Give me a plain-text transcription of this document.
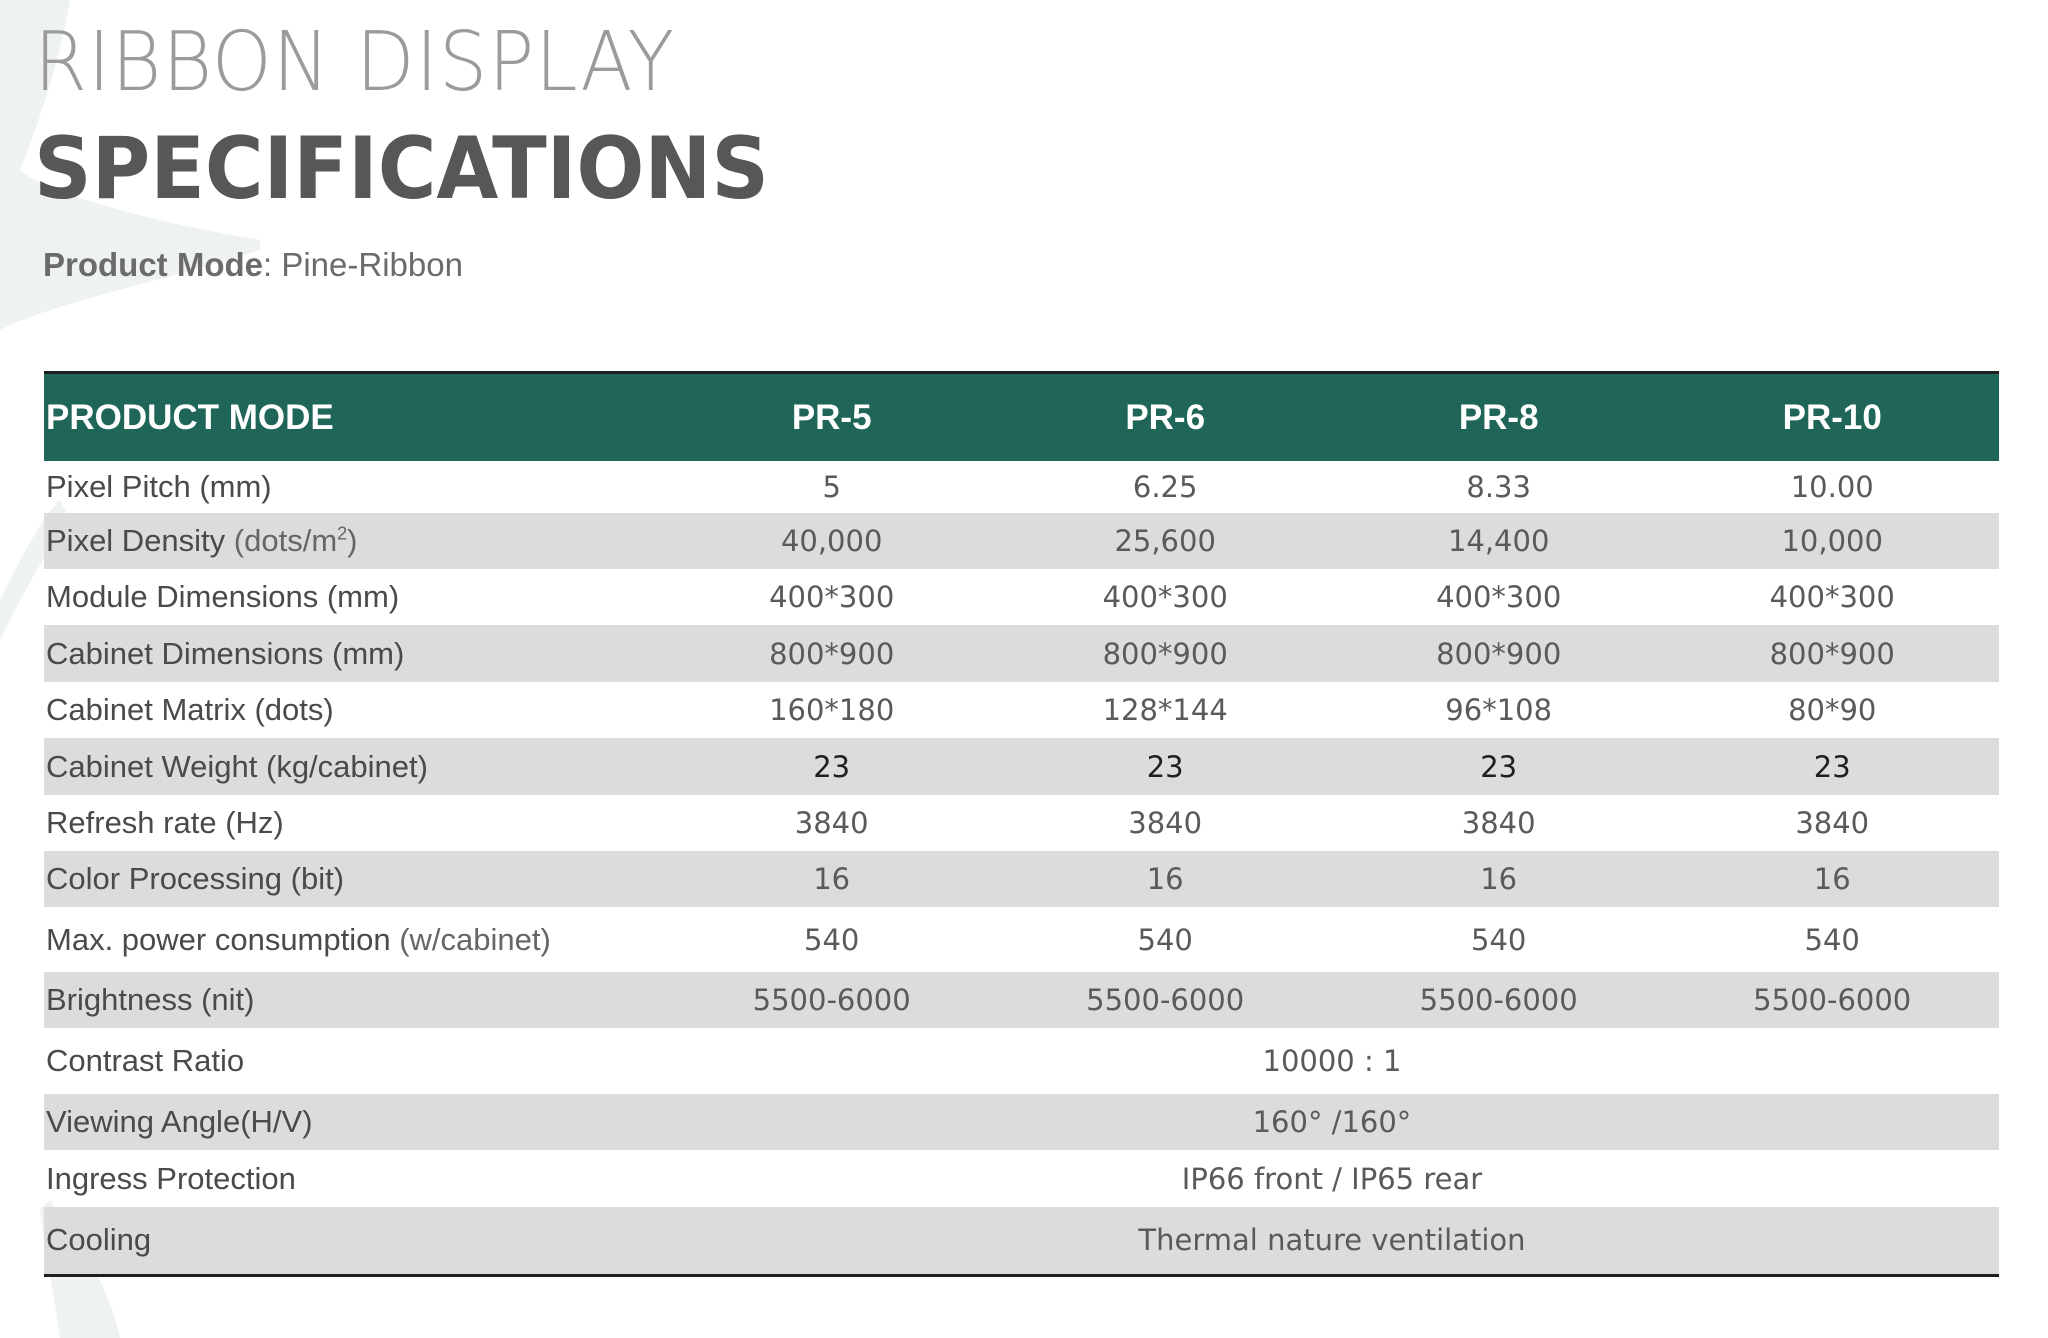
RIBBON DISPLAY
SPECIFICATIONS
Product Mode: Pine-Ribbon
PRODUCT MODE	PR-5	PR-6	PR-8	PR-10
Pixel Pitch (mm)	5	6.25	8.33	10.00
Pixel Density $(dots/m^2)$	40,000	25,600	14,400	10,000
Module Dimensions (mm)	400*300	400*300	400*300	400*300
Cabinet Dimensions (mm)	800*900	800*900	800*900	800*900
Cabinet Matrix (dots)	160*180	128*144	96*108	80*90
Cabinet Weight (kg/cabinet)	23	23	23	23
Refresh rate (Hz)	3840	3840	3840	3840
Color Processing (bit)	16	16	16	16
Max. power consumption (w/cabinet)	540	540	540	540
Brightness (nit)	5500-6000	5500-6000	5500-6000	5500-6000
Contrast Ratio	10000 : 1			
Viewing Angle(H/V)	160° /160°			
Ingress Protection	IP66 front / IP65 rear			
Cooling	Thermal nature ventilation			
